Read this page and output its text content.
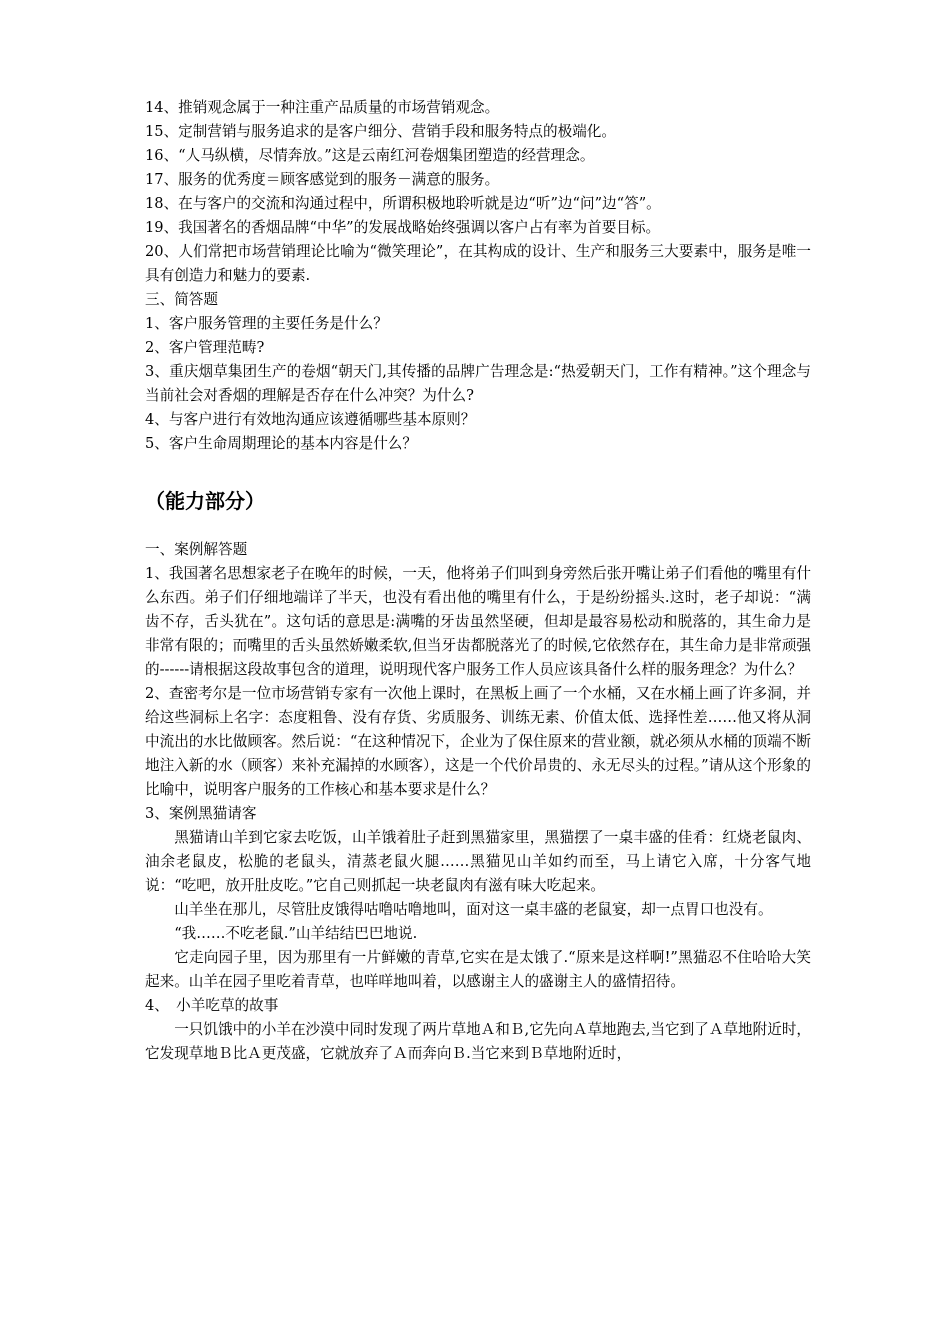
14、推销观念属于一种注重产品质量的市场营销观念。

15、定制营销与服务追求的是客户细分、营销手段和服务特点的极端化。

16、“人马纵横，尽情奔放。”这是云南红河卷烟集团塑造的经营理念。

17、服务的优秀度＝顾客感觉到的服务－满意的服务。

18、在与客户的交流和沟通过程中，所谓积极地聆听就是边“听”边“问”边“答”。

19、我国著名的香烟品牌“中华”的发展战略始终强调以客户占有率为首要目标。

20、人们常把市场营销理论比喻为“微笑理论”，在其构成的设计、生产和服务三大要素中，服务是唯一具有创造力和魅力的要素.

三、简答题

1、客户服务管理的主要任务是什么？

2、客户管理范畴?

3、重庆烟草集团生产的卷烟“朝天门,其传播的品牌广告理念是:“热爱朝天门，工作有精神。”这个理念与当前社会对香烟的理解是否存在什么冲突？为什么?

4、与客户进行有效地沟通应该遵循哪些基本原则？

5、客户生命周期理论的基本内容是什么？

（能力部分）

一、案例解答题

1、我国著名思想家老子在晚年的时候，一天，他将弟子们叫到身旁然后张开嘴让弟子们看他的嘴里有什么东西。弟子们仔细地端详了半天，也没有看出他的嘴里有什么，于是纷纷摇头.这时，老子却说：“满齿不存，舌头犹在”。这句话的意思是:满嘴的牙齿虽然坚硬，但却是最容易松动和脱落的，其生命力是非常有限的；而嘴里的舌头虽然娇嫩柔软,但当牙齿都脱落光了的时候,它依然存在，其生命力是非常顽强的------请根据这段故事包含的道理，说明现代客户服务工作人员应该具备什么样的服务理念？为什么？

2、查密考尔是一位市场营销专家有一次他上课时，在黑板上画了一个水桶，又在水桶上画了许多洞，并给这些洞标上名字：态度粗鲁、没有存货、劣质服务、训练无素、价值太低、选择性差……他又将从洞中流出的水比做顾客。然后说：“在这种情况下，企业为了保住原来的营业额，就必须从水桶的顶端不断地注入新的水（顾客）来补充漏掉的水顾客），这是一个代价昂贵的、永无尽头的过程。”请从这个形象的比喻中，说明客户服务的工作核心和基本要求是什么？

3、案例黑猫请客

黑猫请山羊到它家去吃饭，山羊饿着肚子赶到黑猫家里，黑猫摆了一桌丰盛的佳肴：红烧老鼠肉、油余老鼠皮，松脆的老鼠头，清蒸老鼠火腿……黑猫见山羊如约而至，马上请它入席，十分客气地说：“吃吧，放开肚皮吃。”它自己则抓起一块老鼠肉有滋有味大吃起来。

山羊坐在那儿，尽管肚皮饿得咕噜咕噜地叫，面对这一桌丰盛的老鼠宴，却一点胃口也没有。

“我……不吃老鼠.”山羊结结巴巴地说.

它走向园子里，因为那里有一片鲜嫩的青草,它实在是太饿了.“原来是这样啊!”黑猫忍不住哈哈大笑起来。山羊在园子里吃着青草，也咩咩地叫着，以感谢主人的盛谢主人的盛情招待。

4、　小羊吃草的故事

一只饥饿中的小羊在沙漠中同时发现了两片草地Ａ和Ｂ,它先向Ａ草地跑去,当它到了Ａ草地附近时，它发现草地Ｂ比Ａ更茂盛，它就放弃了Ａ而奔向Ｂ.当它来到Ｂ草地附近时，
